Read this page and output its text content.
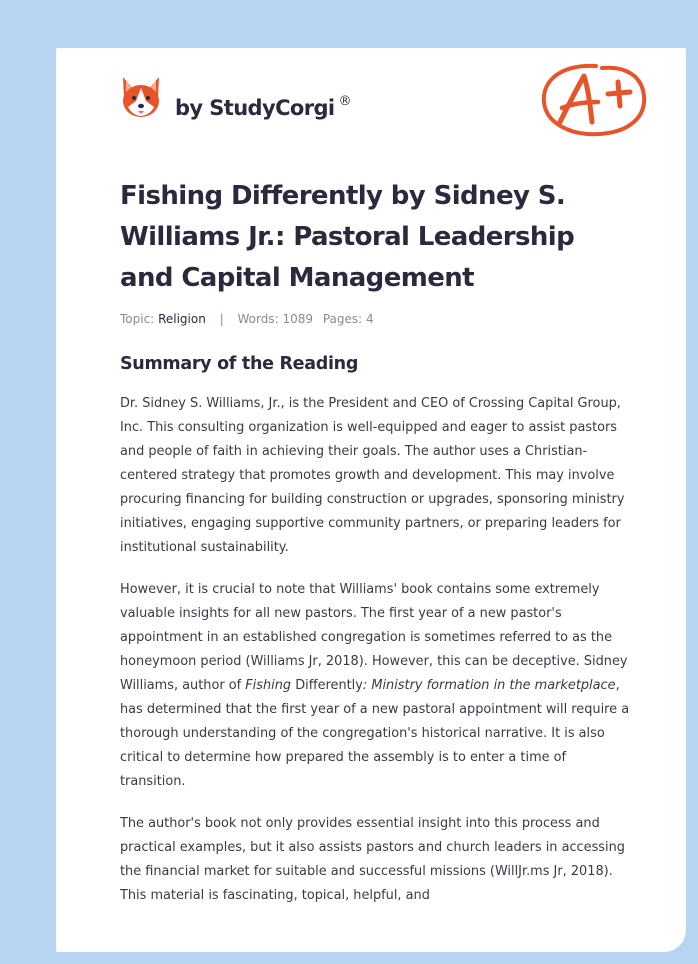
by StudyCorgi ®
Fishing Differently by Sidney S. Williams Jr.: Pastoral Leadership and Capital Management
Topic: Religion | Words: 1089 Pages: 4
Summary of the Reading

Dr. Sidney S. Williams, Jr., is the President and CEO of Crossing Capital Group, Inc. This consulting organization is well-equipped and eager to assist pastors and people of faith in achieving their goals. The author uses a Christian-centered strategy that promotes growth and development. This may involve procuring financing for building construction or upgrades, sponsoring ministry initiatives, engaging supportive community partners, or preparing leaders for institutional sustainability.

However, it is crucial to note that Williams' book contains some extremely valuable insights for all new pastors. The first year of a new pastor's appointment in an established congregation is sometimes referred to as the honeymoon period (Williams Jr, 2018). However, this can be deceptive. Sidney Williams, author of Fishing Differently: Ministry formation in the marketplace, has determined that the first year of a new pastoral appointment will require a thorough understanding of the congregation's historical narrative. It is also critical to determine how prepared the assembly is to enter a time of transition.

The author's book not only provides essential insight into this process and practical examples, but it also assists pastors and church leaders in accessing the financial market for suitable and successful missions (WillJr.ms Jr, 2018). This material is fascinating, topical, helpful, and
